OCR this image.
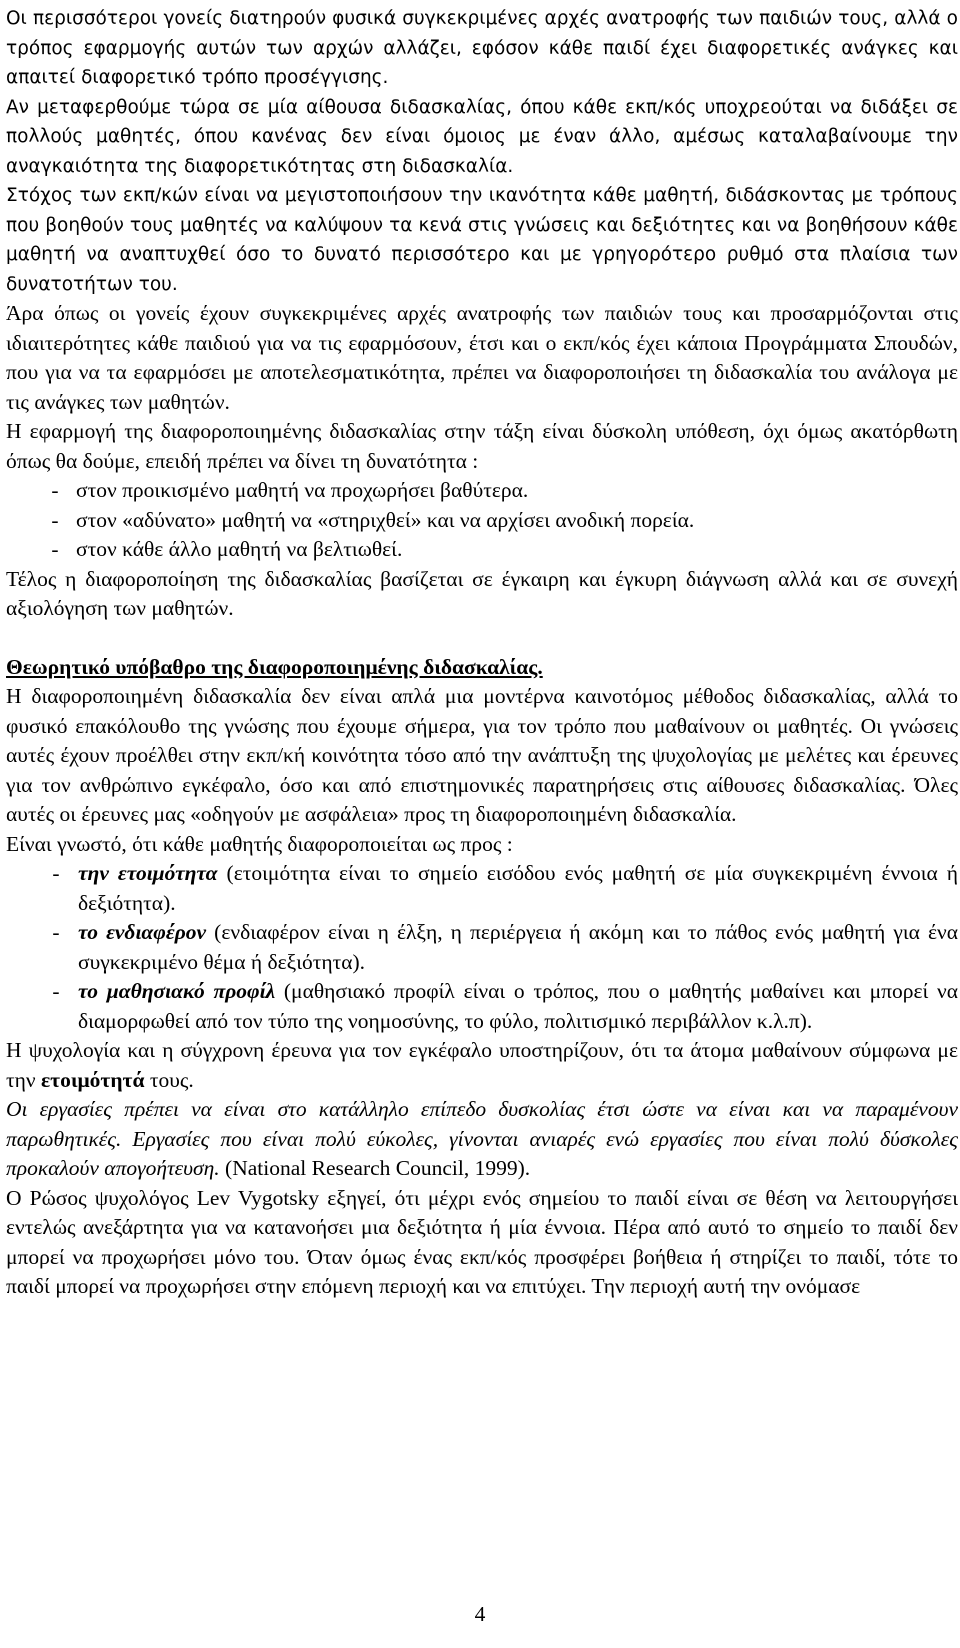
Οι περισσότεροι γονείς διατηρούν φυσικά συγκεκριμένες αρχές ανατροφής των παιδιών τους, αλλά ο τρόπος εφαρμογής αυτών των αρχών αλλάζει, εφόσον κάθε παιδί έχει διαφορετικές ανάγκες και απαιτεί διαφορετικό τρόπο προσέγγισης.

Αν μεταφερθούμε τώρα σε μία αίθουσα διδασκαλίας, όπου κάθε εκπ/κός υποχρεούται να διδάξει σε πολλούς μαθητές, όπου κανένας δεν είναι όμοιος με έναν άλλο, αμέσως καταλαβαίνουμε την αναγκαιότητα της διαφορετικότητας στη διδασκαλία.

Στόχος των εκπ/κών είναι να μεγιστοποιήσουν την ικανότητα κάθε μαθητή, διδάσκοντας με τρόπους που βοηθούν τους μαθητές να καλύψουν τα κενά στις γνώσεις και δεξιότητες και να βοηθήσουν κάθε μαθητή να αναπτυχθεί όσο το δυνατό περισσότερο και με γρηγορότερο ρυθμό στα πλαίσια των δυνατοτήτων του.

Άρα όπως οι γονείς έχουν συγκεκριμένες αρχές ανατροφής των παιδιών τους και προσαρμόζονται στις ιδιαιτερότητες κάθε παιδιού για να τις εφαρμόσουν, έτσι και ο εκπ/κός έχει κάποια Προγράμματα Σπουδών, που για να τα εφαρμόσει με αποτελεσματικότητα, πρέπει να διαφοροποιήσει τη διδασκαλία του ανάλογα με τις ανάγκες των μαθητών.

Η εφαρμογή της διαφοροποιημένης διδασκαλίας στην τάξη είναι δύσκολη υπόθεση, όχι όμως ακατόρθωτη όπως θα δούμε, επειδή πρέπει να δίνει τη δυνατότητα :

- στον προικισμένο μαθητή να προχωρήσει βαθύτερα.
- στον «αδύνατο» μαθητή να «στηριχθεί» και να αρχίσει ανοδική πορεία.
- στον κάθε άλλο μαθητή να βελτιωθεί.

Τέλος η διαφοροποίηση της διδασκαλίας βασίζεται σε έγκαιρη και έγκυρη διάγνωση αλλά και σε συνεχή αξιολόγηση των μαθητών.

Θεωρητικό υπόβαθρο της διαφοροποιημένης διδασκαλίας.

Η διαφοροποιημένη διδασκαλία δεν είναι απλά μια μοντέρνα καινοτόμος μέθοδος διδασκαλίας, αλλά το φυσικό επακόλουθο της γνώσης που έχουμε σήμερα, για τον τρόπο που μαθαίνουν οι μαθητές. Οι γνώσεις αυτές έχουν προέλθει στην εκπ/κή κοινότητα τόσο από την ανάπτυξη της ψυχολογίας με μελέτες και έρευνες για τον ανθρώπινο εγκέφαλο, όσο και από επιστημονικές παρατηρήσεις στις αίθουσες διδασκαλίας. Όλες αυτές οι έρευνες μας «οδηγούν με ασφάλεια» προς τη διαφοροποιημένη διδασκαλία.

Είναι γνωστό, ότι κάθε μαθητής διαφοροποιείται ως προς :

- την ετοιμότητα (ετοιμότητα είναι το σημείο εισόδου ενός μαθητή σε μία συγκεκριμένη έννοια ή δεξιότητα).
- το ενδιαφέρον (ενδιαφέρον είναι η έλξη, η περιέργεια ή ακόμη και το πάθος ενός μαθητή για ένα συγκεκριμένο θέμα ή δεξιότητα).
- το μαθησιακό προφίλ (μαθησιακό προφίλ είναι ο τρόπος, που ο μαθητής μαθαίνει και μπορεί να διαμορφωθεί από τον τύπο της νοημοσύνης, το φύλο, πολιτισμικό περιβάλλον κ.λ.π).

Η ψυχολογία και η σύγχρονη έρευνα για τον εγκέφαλο υποστηρίζουν, ότι τα άτομα μαθαίνουν σύμφωνα με την ετοιμότητά τους.

Οι εργασίες πρέπει να είναι στο κατάλληλο επίπεδο δυσκολίας έτσι ώστε να είναι και να παραμένουν παρωθητικές. Εργασίες που είναι πολύ εύκολες, γίνονται ανιαρές ενώ εργασίες που είναι πολύ δύσκολες προκαλούν απογοήτευση. (National Research Council, 1999).

Ο Ρώσος ψυχολόγος Lev Vygotsky εξηγεί, ότι μέχρι ενός σημείου το παιδί είναι σε θέση να λειτουργήσει εντελώς ανεξάρτητα για να κατανοήσει μια δεξιότητα ή μία έννοια. Πέρα από αυτό το σημείο το παιδί δεν μπορεί να προχωρήσει μόνο του. Όταν όμως ένας εκπ/κός προσφέρει βοήθεια ή στηρίζει το παιδί, τότε το παιδί μπορεί να προχωρήσει στην επόμενη περιοχή και να επιτύχει. Την περιοχή αυτή την ονόμασε

4
